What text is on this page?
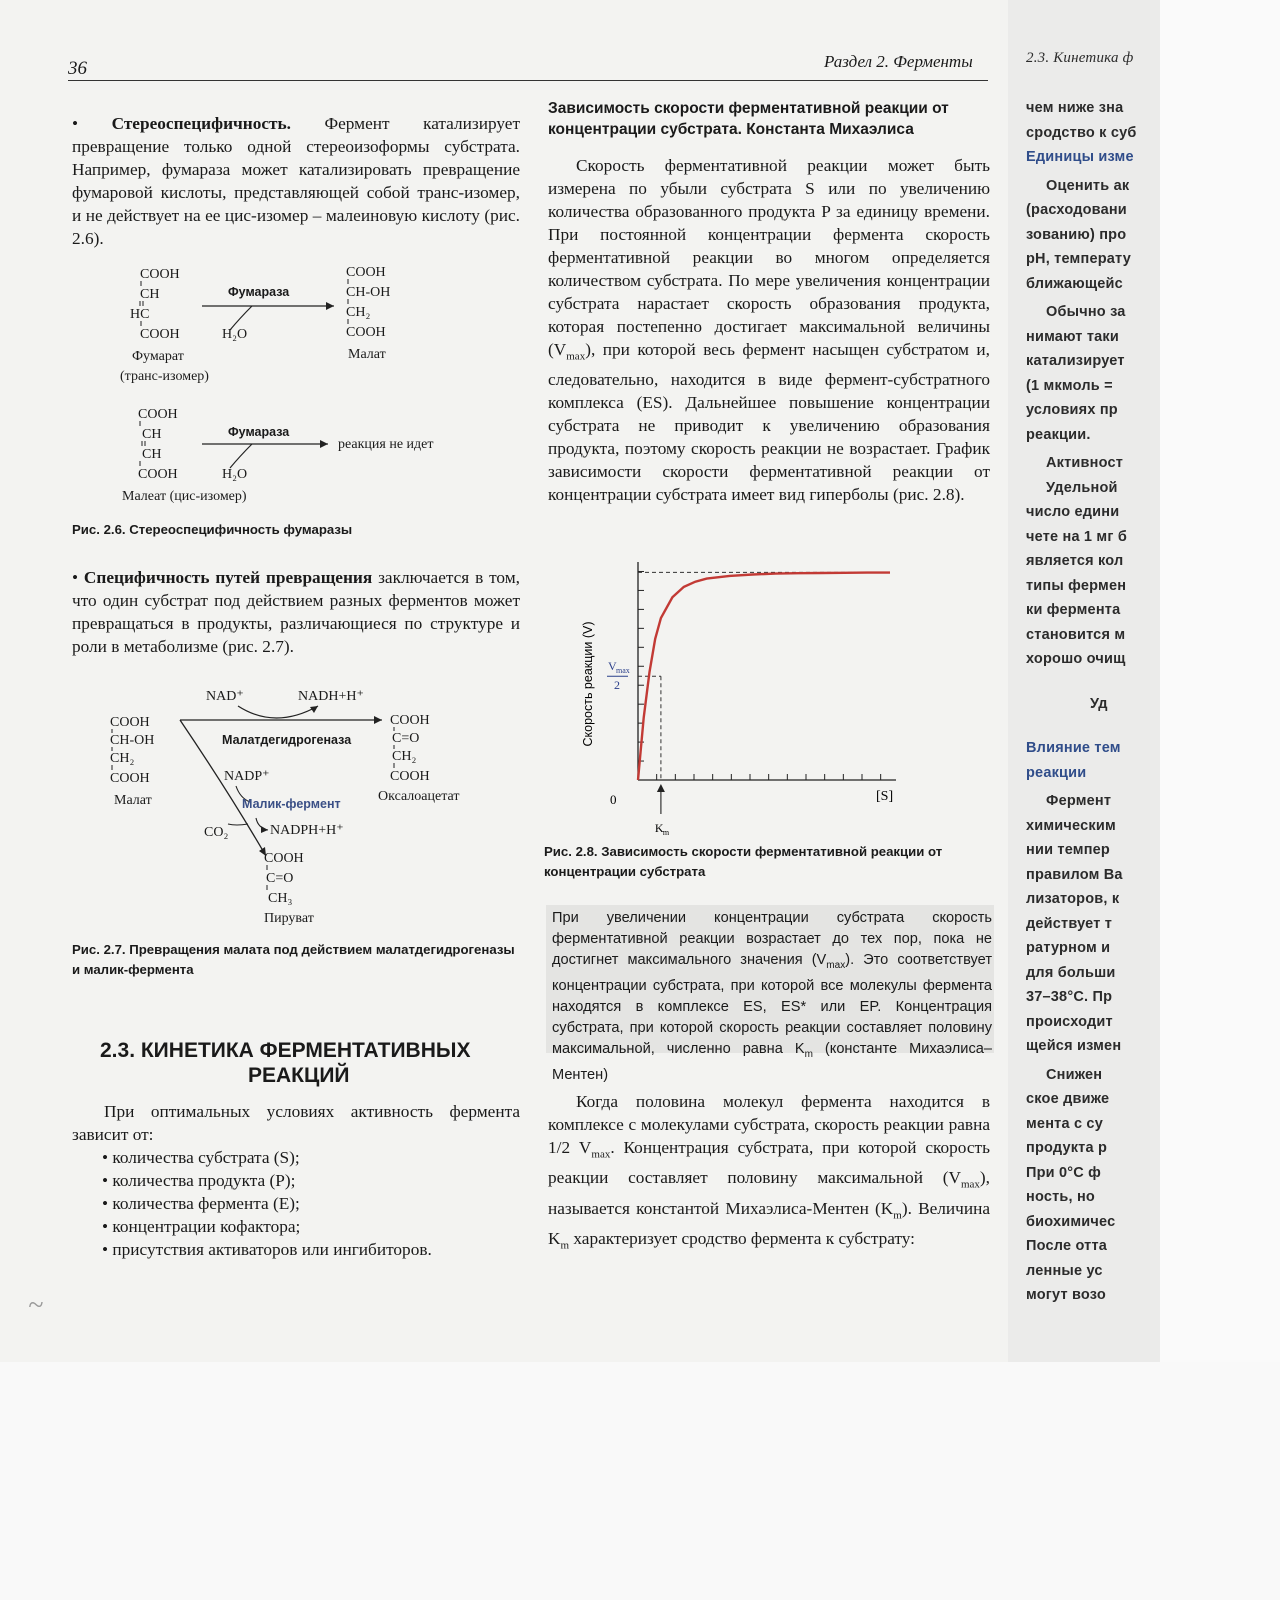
36	Раздел 2. Ферменты

• Стереоспецифичность. Фермент катализирует превращение только одной стереоизоформы субстрата. Например, фумараза может катализировать превращение фумаровой кислоты, представляющей собой транс-изомер, и не действует на ее цис-изомер – малеиновую кислоту (рис. 2.6).

COOH
CH
HC
COOH
Фумараза
H₂O
COOH
CH-OH
CH₂
COOH
Фумарат
(транс-изомер)
Малат
COOH
CH
CH
COOH
Фумараза
H₂O
реакция не идет
Малеат (цис-изомер)
Рис. 2.6. Стереоспецифичность фумаразы

• Специфичность путей превращения заключается в том, что один субстрат под действием разных ферментов может превращаться в продукты, различающиеся по структуре и роли в метаболизме (рис. 2.7).

NAD⁺	NADH+H⁺
COOH
CH-OH
CH₂
COOH
Малат
Малатдегидрогеназа
COOH
C=O
CH₂
COOH
Оксалоацетат
NADP⁺
Малик-фермент
CO₂	NADPH+H⁺
COOH
C=O
CH₃
Пируват
Рис. 2.7. Превращения малата под действием малатдегидрогеназы и малик-фермента
2.3. КИНЕТИКА ФЕРМЕНТАТИВНЫХ
РЕАКЦИЙ

При оптимальных условиях активность фермента зависит от:

• количества субстрата (S);
• количества продукта (P);
• количества фермента (E);
• концентрации кофактора;
• присутствия активаторов или ингибиторов.
Зависимость скорости ферментативной реакции от концентрации субстрата. Константа Михаэлиса

Скорость ферментативной реакции может быть измерена по убыли субстрата S или по увеличению количества образованного продукта P за единицу времени. При постоянной концентрации фермента скорость ферментативной реакции во многом определяется количеством субстрата. По мере увеличения концентрации субстрата нарастает скорость образования продукта, которая постепенно достигает максимальной величины $(V_{max})$, при которой весь фермент насыщен субстратом и, следовательно, находится в виде фермент-субстратного комплекса (ES). Дальнейшее повышение концентрации субстрата не приводит к увеличению образования продукта, поэтому скорость реакции не возрастает. График зависимости скорости ферментативной реакции от концентрации субстрата имеет вид гиперболы (рис. 2.8).

Скорость реакции (V) V max
2
0	[S]
K m
Рис. 2.8. Зависимость скорости ферментативной реакции от концентрации субстрата
При увеличении концентрации субстрата скорость ферментативной реакции возрастает до тех пор, пока не достигнет максимального значения $(V_{max})$. Это соответствует концентрации субстрата, при которой все молекулы фермента находятся в комплексе ES, ES* или EP. Концентрация субстрата, при которой скорость реакции составляет половину максимальной, численно равна $K_m$ (константе Михаэлиса–Ментен)

Когда половина молекул фермента находится в комплексе с молекулами субстрата, скорость реакции равна 1/2 $V_{max}$. Концентрация субстрата, при которой скорость реакции составляет половину максимальной $(V_{max})$, называется константой Михаэлиса-Ментен $(K_m)$. Величина $K_m$ характеризует сродство фермента к субстрату:

2.3. Кинетика ф
чем ниже зна
сродство к суб
Единицы изме
Оценить ак
(расходовани
зованию) про
pH, температу
ближающейс
Обычно за
нимают таки
катализирует
(1 мкмоль =
условиях пр
реакции.
Активност
Удельной
число едини
чете на 1 мг б
является кол
типы фермен
ки фермента
становится м
хорошо очищ
Уд
Влияние тем
реакции
Фермент
химическим
нии темпер
правилом Ва
лизаторов, к
действует т
ратурном и
для больши
37–38°C. Пр
происходит
щейся измен
Снижен
ское движе
мента с су
продукта р
При 0°C ф
ность, но
биохимичес
После отта
ленные ус
могут возо
~
